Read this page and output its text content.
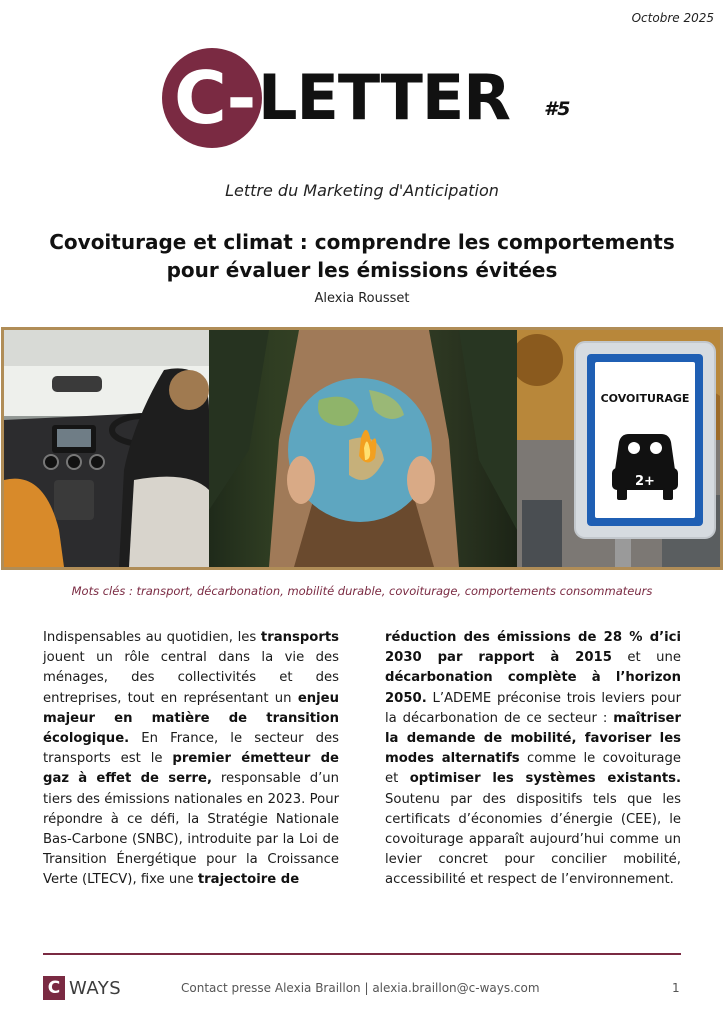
Octobre 2025
C- LETTER #5
Lettre du Marketing d'Anticipation
Covoiturage et climat : comprendre les comportements
pour évaluer les émissions évitées
Alexia Rousset
COVOITURAGE
2+
Mots clés : transport, décarbonation, mobilité durable, covoiturage, comportements consommateurs
Indispensables au quotidien, les transports jouent un rôle central dans la vie des ménages, des collectivités et des entreprises, tout en représentant un enjeu majeur en matière de transition écologique. En France, le secteur des transports est le premier émetteur de gaz à effet de serre, responsable d’un tiers des émissions nationales en 2023. Pour répondre à ce défi, la Stratégie Nationale Bas-Carbone (SNBC), introduite par la Loi de Transition Énergétique pour la Croissance Verte (LTECV), fixe une trajectoire de
réduction des émissions de 28 % d’ici 2030 par rapport à 2015 et une décarbonation complète à l’horizon 2050. L’ADEME préconise trois leviers pour la décarbonation de ce secteur : maîtriser la demande de mobilité, favoriser les modes alternatifs comme le covoiturage et optimiser les systèmes existants. Soutenu par des dispositifs tels que les certificats d’économies d’énergie (CEE), le covoiturage apparaît aujourd’hui comme un levier concret pour concilier mobilité, accessibilité et respect de l’environnement.
C WAYS	Contact presse Alexia Braillon | alexia.braillon@c-ways.com	1
